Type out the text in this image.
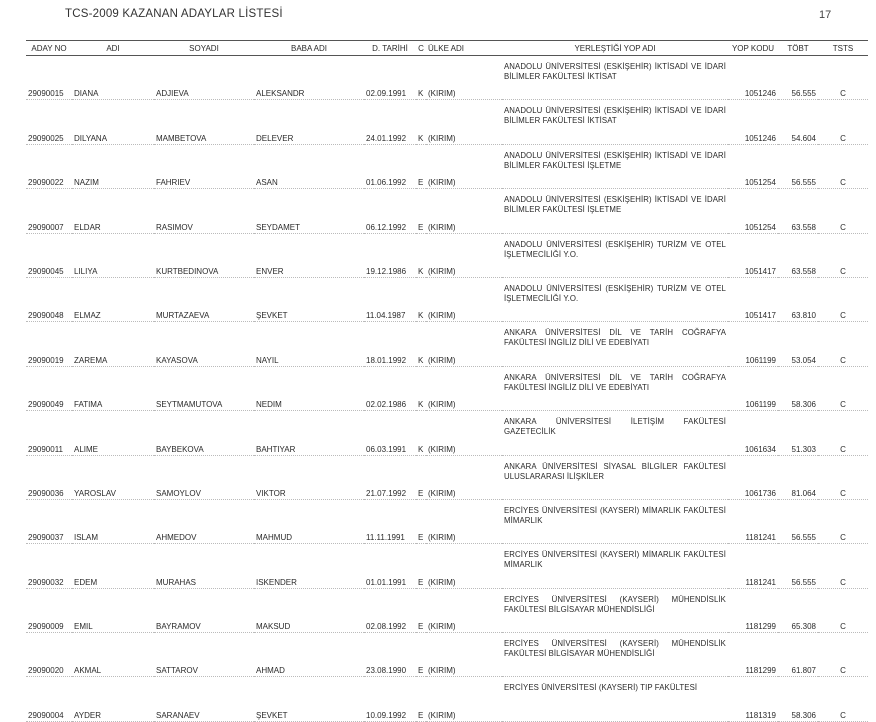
TCS-2009 KAZANAN ADAYLAR LİSTESİ	17
ADAY NO	ADI	SOYADI	BABA ADI	D. TARİHİ	C	ÜLKE ADI	YERLEŞTİĞİ YOP ADI	YOP KODU	TÖBT	TSTS
29090015	DIANA	ADJIEVA	ALEKSANDR	02.09.1991	K	(KIRIM)	ANADOLU ÜNİVERSİTESİ (ESKİŞEHİR) İKTİSADİ VE İDARİ BİLİMLER FAKÜLTESİ İKTİSAT	1051246	56.555	C
29090025	DILYANA	MAMBETOVA	DELEVER	24.01.1992	K	(KIRIM)	ANADOLU ÜNİVERSİTESİ (ESKİŞEHİR) İKTİSADİ VE İDARİ BİLİMLER FAKÜLTESİ İKTİSAT	1051246	54.604	C
29090022	NAZIM	FAHRIEV	ASAN	01.06.1992	E	(KIRIM)	ANADOLU ÜNİVERSİTESİ (ESKİŞEHİR) İKTİSADİ VE İDARİ BİLİMLER FAKÜLTESİ İŞLETME	1051254	56.555	C
29090007	ELDAR	RASIMOV	SEYDAMET	06.12.1992	E	(KIRIM)	ANADOLU ÜNİVERSİTESİ (ESKİŞEHİR) İKTİSADİ VE İDARİ BİLİMLER FAKÜLTESİ İŞLETME	1051254	63.558	C
29090045	LILIYA	KURTBEDINOVA	ENVER	19.12.1986	K	(KIRIM)	ANADOLU ÜNİVERSİTESİ (ESKİŞEHİR) TURİZM VE OTEL İŞLETMECİLİĞİ Y.O.	1051417	63.558	C
29090048	ELMAZ	MURTAZAEVA	ŞEVKET	11.04.1987	K	(KIRIM)	ANADOLU ÜNİVERSİTESİ (ESKİŞEHİR) TURİZM VE OTEL İŞLETMECİLİĞİ Y.O.	1051417	63.810	C
29090019	ZAREMA	KAYASOVA	NAYIL	18.01.1992	K	(KIRIM)	ANKARA ÜNİVERSİTESİ DİL VE TARİH COĞRAFYA FAKÜLTESİ İNGİLİZ DİLİ VE EDEBİYATI	1061199	53.054	C
29090049	FATIMA	SEYTMAMUTOVA	NEDIM	02.02.1986	K	(KIRIM)	ANKARA ÜNİVERSİTESİ DİL VE TARİH COĞRAFYA FAKÜLTESİ İNGİLİZ DİLİ VE EDEBİYATI	1061199	58.306	C
29090011	ALIME	BAYBEKOVA	BAHTIYAR	06.03.1991	K	(KIRIM)	ANKARA ÜNİVERSİTESİ İLETİŞİM FAKÜLTESİ GAZETECİLİK	1061634	51.303	C
29090036	YAROSLAV	SAMOYLOV	VIKTOR	21.07.1992	E	(KIRIM)	ANKARA ÜNİVERSİTESİ SİYASAL BİLGİLER FAKÜLTESİ ULUSLARARASI İLİŞKİLER	1061736	81.064	C
29090037	ISLAM	AHMEDOV	MAHMUD	11.11.1991	E	(KIRIM)	ERCİYES ÜNİVERSİTESİ (KAYSERİ) MİMARLIK FAKÜLTESİ MİMARLIK	1181241	56.555	C
29090032	EDEM	MURAHAS	ISKENDER	01.01.1991	E	(KIRIM)	ERCİYES ÜNİVERSİTESİ (KAYSERİ) MİMARLIK FAKÜLTESİ MİMARLIK	1181241	56.555	C
29090009	EMIL	BAYRAMOV	MAKSUD	02.08.1992	E	(KIRIM)	ERCİYES ÜNİVERSİTESİ (KAYSERİ) MÜHENDİSLİK FAKÜLTESİ BİLGİSAYAR MÜHENDİSLİĞİ	1181299	65.308	C
29090020	AKMAL	SATTAROV	AHMAD	23.08.1990	E	(KIRIM)	ERCİYES ÜNİVERSİTESİ (KAYSERİ) MÜHENDİSLİK FAKÜLTESİ BİLGİSAYAR MÜHENDİSLİĞİ	1181299	61.807	C
29090004	AYDER	SARANAEV	ŞEVKET	10.09.1992	E	(KIRIM)	ERCİYES ÜNİVERSİTESİ (KAYSERİ) TIP FAKÜLTESİ	1181319	58.306	C
